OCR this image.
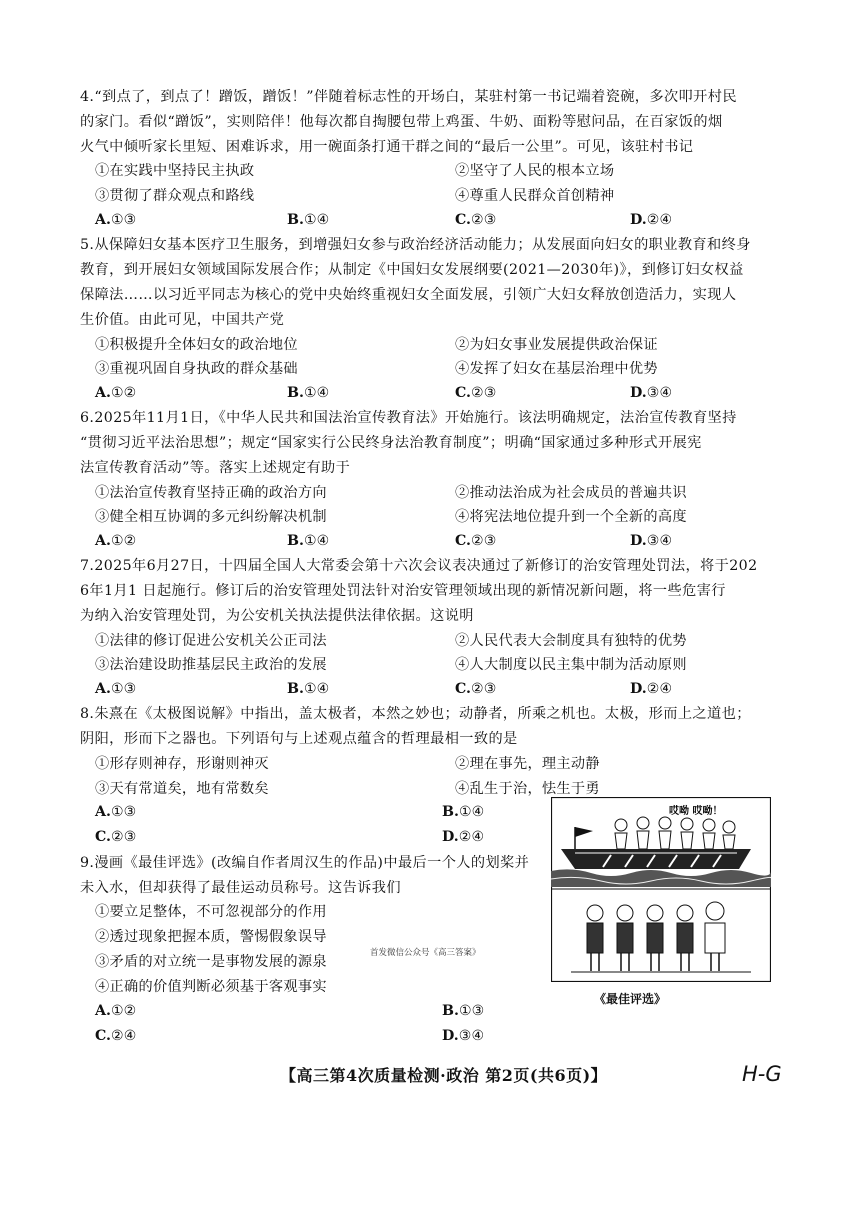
4.“到点了，到点了！蹭饭，蹭饭！”伴随着标志性的开场白，某驻村第一书记端着瓷碗，多次叩开村民
的家门。看似“蹭饭”，实则陪伴！他每次都自掏腰包带上鸡蛋、牛奶、面粉等慰问品，在百家饭的烟
火气中倾听家长里短、困难诉求，用一碗面条打通干群之间的“最后一公里”。可见，该驻村书记
①在实践中坚持民主执政	②坚守了人民的根本立场
③贯彻了群众观点和路线	④尊重人民群众首创精神
A.①③	B.①④	C.②③	D.②④
5.从保障妇女基本医疗卫生服务，到增强妇女参与政治经济活动能力；从发展面向妇女的职业教育和终身
教育，到开展妇女领域国际发展合作；从制定《中国妇女发展纲要(2021—2030年)》，到修订妇女权益
保障法……以习近平同志为核心的党中央始终重视妇女全面发展，引领广大妇女释放创造活力，实现人
生价值。由此可见，中国共产党
①积极提升全体妇女的政治地位	②为妇女事业发展提供政治保证
③重视巩固自身执政的群众基础	④发挥了妇女在基层治理中优势
A.①②	B.①④	C.②③	D.③④
6.2025年11月1日，《中华人民共和国法治宣传教育法》开始施行。该法明确规定，法治宣传教育坚持
“贯彻习近平法治思想”；规定“国家实行公民终身法治教育制度”；明确“国家通过多种形式开展宪
法宣传教育活动”等。落实上述规定有助于
①法治宣传教育坚持正确的政治方向	②推动法治成为社会成员的普遍共识
③健全相互协调的多元纠纷解决机制	④将宪法地位提升到一个全新的高度
A.①②	B.①④	C.②③	D.③④
7.2025年6月27日，十四届全国人大常委会第十六次会议表决通过了新修订的治安管理处罚法，将于202
6年1月1 日起施行。修订后的治安管理处罚法针对治安管理领域出现的新情况新问题，将一些危害行
为纳入治安管理处罚，为公安机关执法提供法律依据。这说明
①法律的修订促进公安机关公正司法	②人民代表大会制度具有独特的优势
③法治建设助推基层民主政治的发展	④人大制度以民主集中制为活动原则
A.①③	B.①④	C.②③	D.②④
8.朱熹在《太极图说解》中指出，盖太极者，本然之妙也；动静者，所乘之机也。太极，形而上之道也；
阴阳，形而下之器也。下列语句与上述观点蕴含的哲理最相一致的是
①形存则神存，形谢则神灭	②理在事先，理主动静
③天有常道矣，地有常数矣	④乱生于治，怯生于勇
A.①③	B.①④
C.②③	D.②④
9.漫画《最佳评选》(改编自作者周汉生的作品)中最后一个人的划桨并
未入水，但却获得了最佳运动员称号。这告诉我们
①要立足整体，不可忽视部分的作用
②透过现象把握本质，警惕假象误导
③矛盾的对立统一是事物发展的源泉
④正确的价值判断必须基于客观事实
A.①②	B.①③
C.②④	D.③④
首发微信公众号《高三答案》
哎呦 哎呦！
《最佳评选》
【高三第4次质量检测·政治 第2页(共6页)】	H-G
